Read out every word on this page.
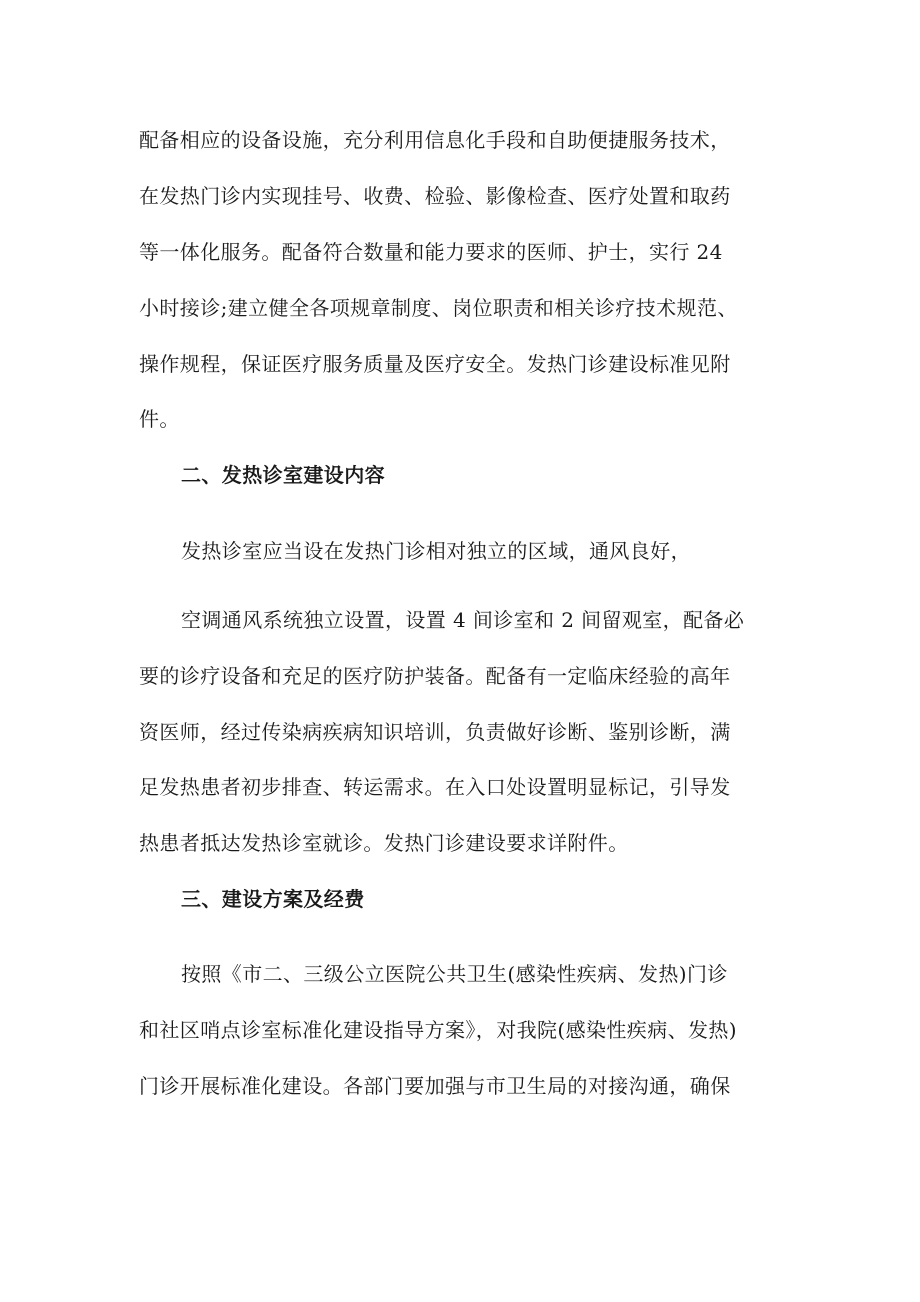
配备相应的设备设施，充分利用信息化手段和自助便捷服务技术，
在发热门诊内实现挂号、收费、检验、影像检查、医疗处置和取药
等一体化服务。配备符合数量和能力要求的医师、护士，实行 24
小时接诊;建立健全各项规章制度、岗位职责和相关诊疗技术规范、
操作规程，保证医疗服务质量及医疗安全。发热门诊建设标准见附
件。
二、发热诊室建设内容
发热诊室应当设在发热门诊相对独立的区域，通风良好，
空调通风系统独立设置，设置 4 间诊室和 2 间留观室，配备必
要的诊疗设备和充足的医疗防护装备。配备有一定临床经验的高年
资医师，经过传染病疾病知识培训，负责做好诊断、鉴别诊断，满
足发热患者初步排查、转运需求。在入口处设置明显标记，引导发
热患者抵达发热诊室就诊。发热门诊建设要求详附件。
三、建设方案及经费
按照《市二、三级公立医院公共卫生(感染性疾病、发热)门诊
和社区哨点诊室标准化建设指导方案》，对我院(感染性疾病、发热)
门诊开展标准化建设。各部门要加强与市卫生局的对接沟通，确保
